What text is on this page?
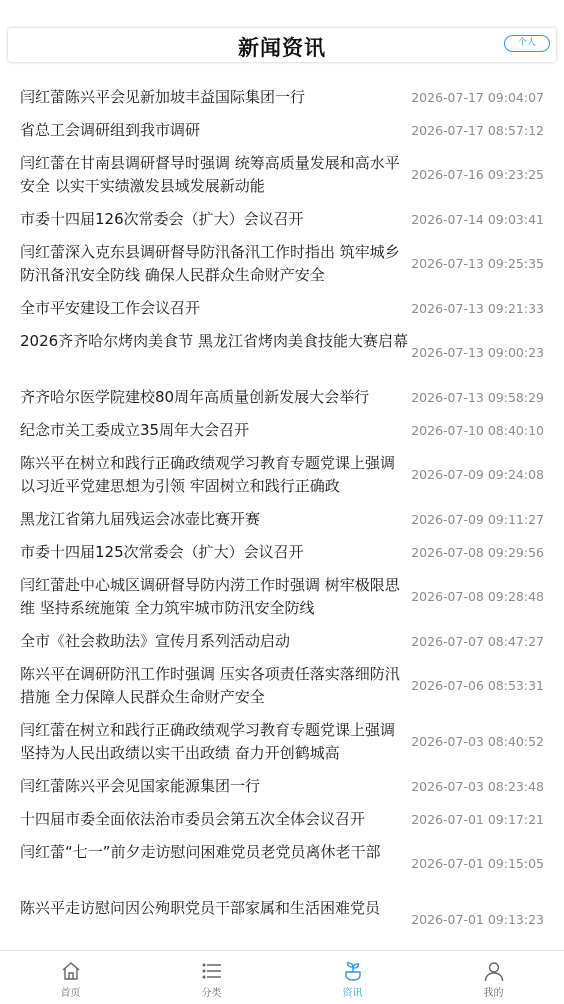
新闻资讯	个人
闫红蕾陈兴平会见新加坡丰益国际集团一行	2026-07-17 09:04:07
省总工会调研组到我市调研	2026-07-17 08:57:12
闫红蕾在甘南县调研督导时强调 统筹高质量发展和高水平安全 以实干实绩激发县域发展新动能
2026-07-16 09:23:25
市委十四届126次常委会（扩大）会议召开	2026-07-14 09:03:41
闫红蕾深入克东县调研督导防汛备汛工作时指出 筑牢城乡防汛备汛安全防线 确保人民群众生命财产安全
2026-07-13 09:25:35
全市平安建设工作会议召开	2026-07-13 09:21:33
2026齐齐哈尔烤肉美食节 黑龙江省烤肉美食技能大赛启幕
2026-07-13 09:00:23
齐齐哈尔医学院建校80周年高质量创新发展大会举行	2026-07-13 09:58:29
纪念市关工委成立35周年大会召开	2026-07-10 08:40:10
陈兴平在树立和践行正确政绩观学习教育专题党课上强调 以习近平党建思想为引领 牢固树立和践行正确政
2026-07-09 09:24:08
黑龙江省第九届残运会冰壶比赛开赛	2026-07-09 09:11:27
市委十四届125次常委会（扩大）会议召开	2026-07-08 09:29:56
闫红蕾赴中心城区调研督导防内涝工作时强调 树牢极限思维 坚持系统施策 全力筑牢城市防汛安全防线
2026-07-08 09:28:48
全市《社会救助法》宣传月系列活动启动	2026-07-07 08:47:27
陈兴平在调研防汛工作时强调 压实各项责任落实落细防汛措施 全力保障人民群众生命财产安全
2026-07-06 08:53:31
闫红蕾在树立和践行正确政绩观学习教育专题党课上强调 坚持为人民出政绩以实干出政绩 奋力开创鹤城高
2026-07-03 08:40:52
闫红蕾陈兴平会见国家能源集团一行	2026-07-03 08:23:48
十四届市委全面依法治市委员会第五次全体会议召开	2026-07-01 09:17:21
闫红蕾“七一”前夕走访慰问困难党员老党员离休老干部
2026-07-01 09:15:05
陈兴平走访慰问因公殉职党员干部家属和生活困难党员
2026-07-01 09:13:23
首页	分类	资讯	我的
